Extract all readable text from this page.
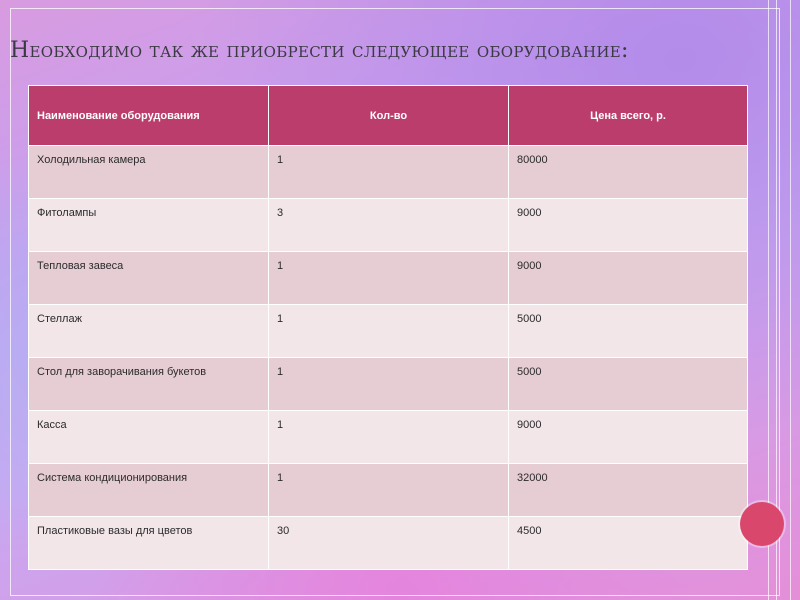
Необходимо так же приобрести следующее оборудование:
Наименование оборудования	Кол-во	Цена всего, р.
Холодильная камера	1	80000
Фитолампы	3	9000
Тепловая завеса	1	9000
Стеллаж	1	5000
Стол для заворачивания букетов	1	5000
Касса	1	9000
Система кондиционирования	1	32000
Пластиковые вазы для цветов	30	4500
